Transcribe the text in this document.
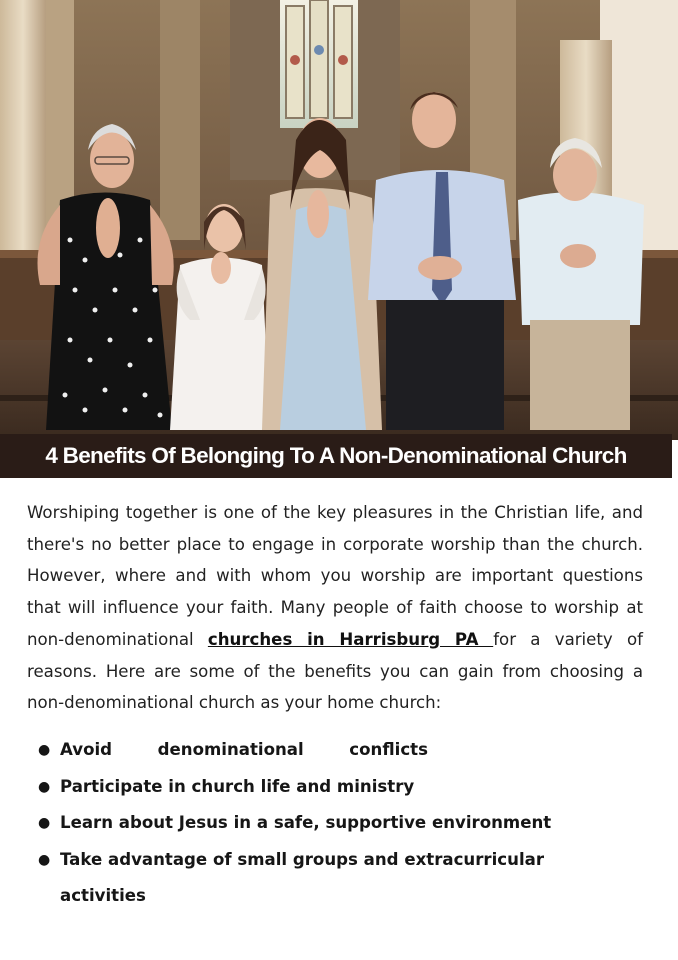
4 Benefits Of Belonging To A Non-Denominational Church

Worshiping together is one of the key pleasures in the Christian life, and there's no better place to engage in corporate worship than the church. However, where and with whom you worship are important questions that will influence your faith. Many people of faith choose to worship at non-denominational churches in Harrisburg PA for a variety of reasons. Here are some of the benefits you can gain from choosing a non-denominational church as your home church:

● Avoid	denominational	conflicts
● Participate in church life and ministry
● Learn about Jesus in a safe, supportive environment
● Take advantage of small groups and extracurricular activities
